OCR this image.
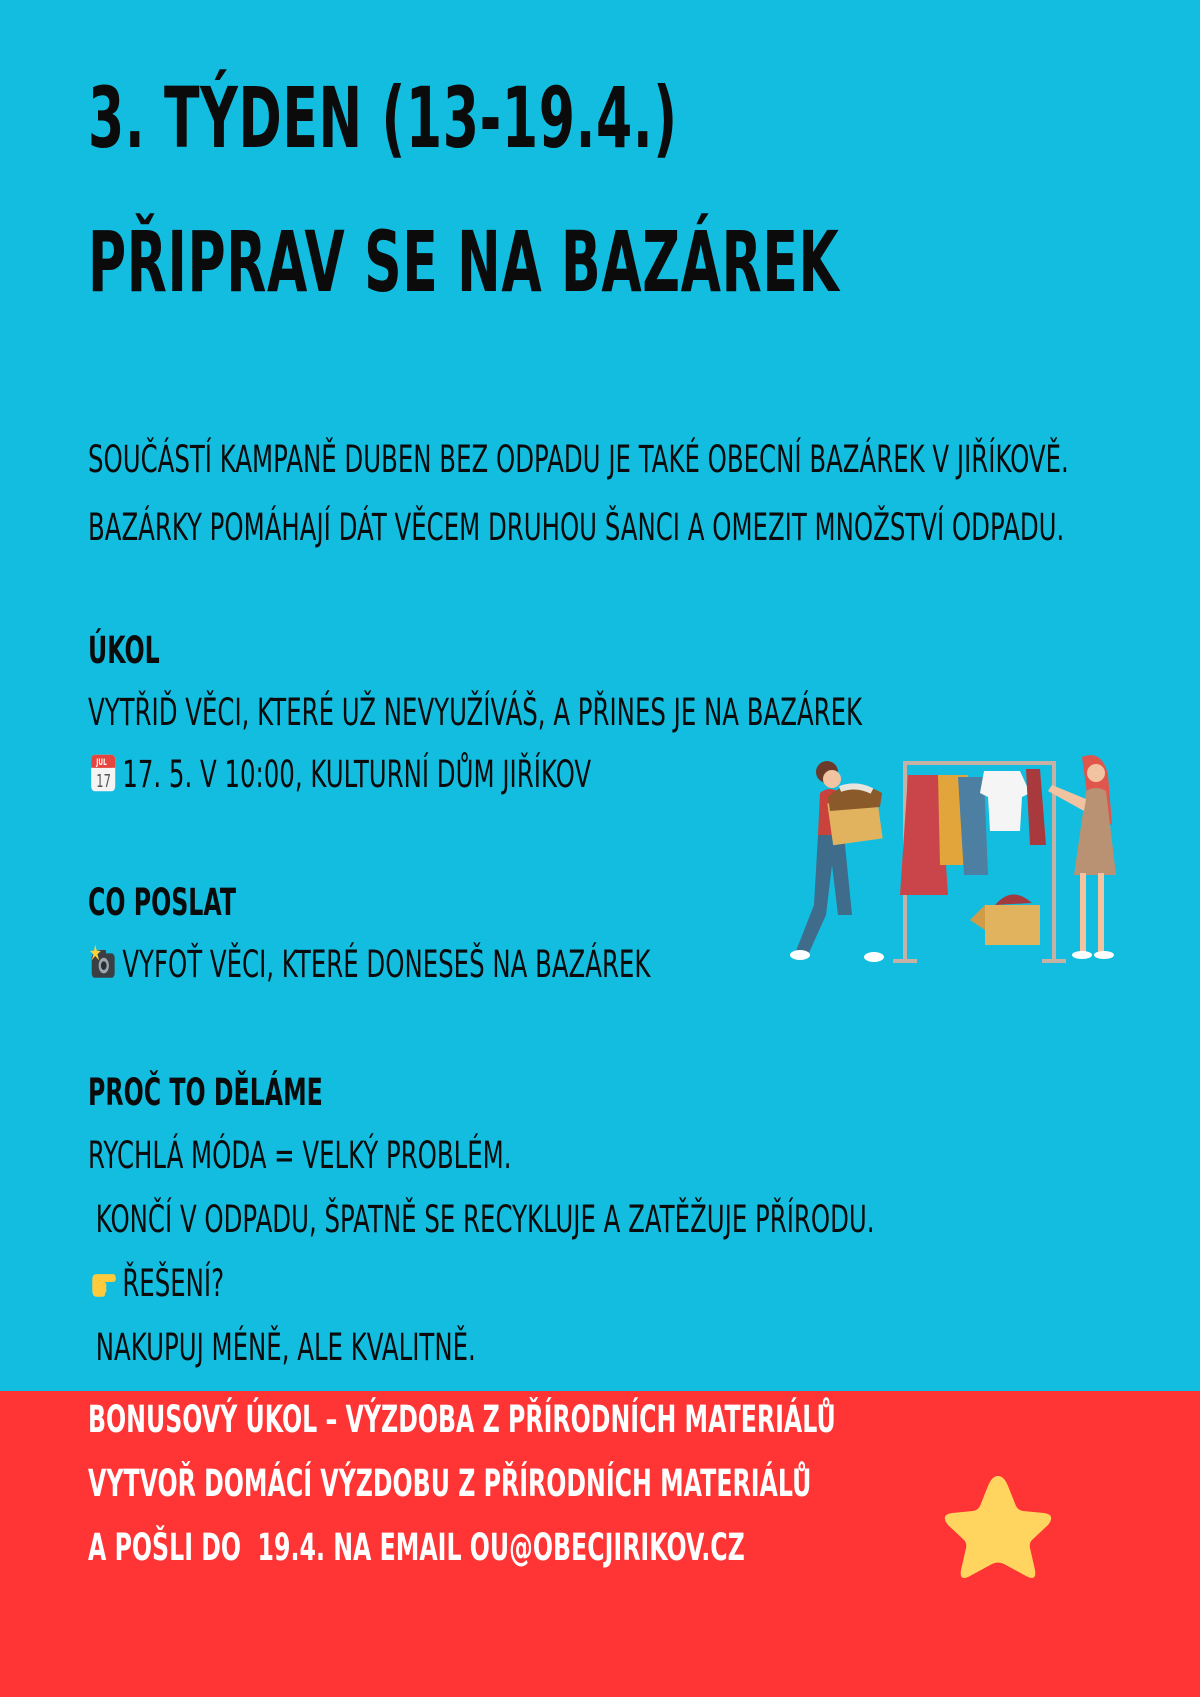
3. TÝDEN (13-19.4.)
PŘIPRAV SE NA BAZÁREK
SOUČÁSTÍ KAMPANĚ DUBEN BEZ ODPADU JE TAKÉ OBECNÍ BAZÁREK V JIŘÍKOVĚ.
BAZÁRKY POMÁHAJÍ DÁT VĚCEM DRUHOU ŠANCI A OMEZIT MNOŽSTVÍ ODPADU.
ÚKOL
VYTŘIĎ VĚCI, KTERÉ UŽ NEVYUŽÍVÁŠ, A PŘINES JE NA BAZÁREK
JUL
17 17. 5. V 10:00, KULTURNÍ DŮM JIŘÍKOV
CO POSLAT
VYFOŤ VĚCI, KTERÉ DONESEŠ NA BAZÁREK
PROČ TO DĚLÁME
RYCHLÁ MÓDA = VELKÝ PROBLÉM.
KONČÍ V ODPADU, ŠPATNĚ SE RECYKLUJE A ZATĚŽUJE PŘÍRODU.
ŘEŠENÍ?
NAKUPUJ MÉNĚ, ALE KVALITNĚ.
BONUSOVÝ ÚKOL – VÝZDOBA Z PŘÍRODNÍCH MATERIÁLŮ
VYTVOŘ DOMÁCÍ VÝZDOBU Z PŘÍRODNÍCH MATERIÁLŮ
A POŠLI DO  19.4. NA EMAIL OU@OBECJIRIKOV.CZ
